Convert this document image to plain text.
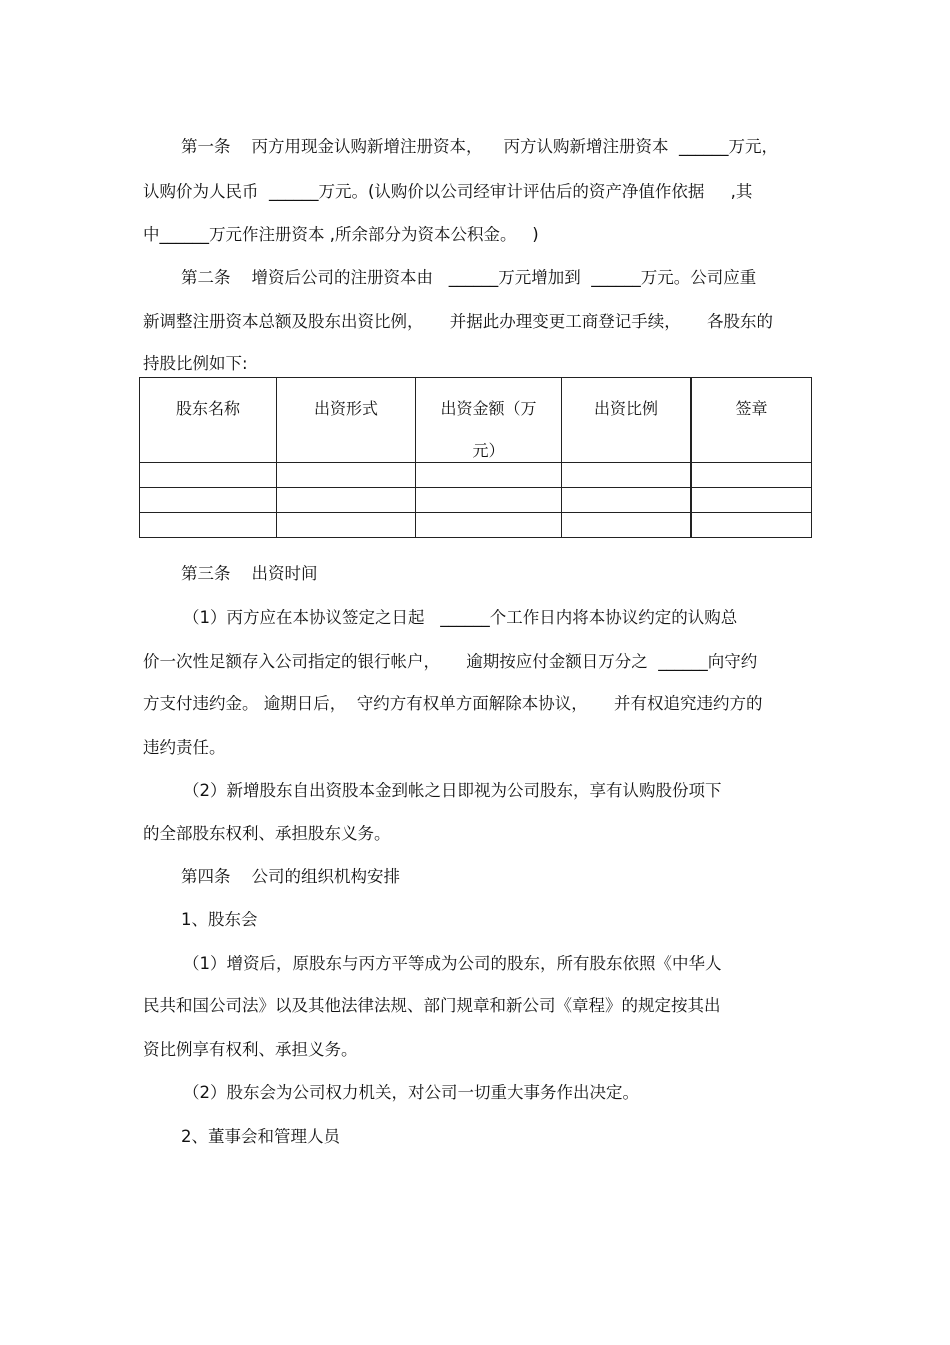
第一条    丙方用现金认购新增注册资本，    丙方认购新增注册资本  ______万元，
认购价为人民币  ______万元。(认购价以公司经审计评估后的资产净值作依据     ,其
中______万元作注册资本 ,所余部分为资本公积金。   )
第二条    增资后公司的注册资本由   ______万元增加到  ______万元。公司应重
新调整注册资本总额及股东出资比例，     并据此办理变更工商登记手续，     各股东的
持股比例如下:
股东名称	出资形式	出资金额（万
元）	出资比例	签章

第三条    出资时间
（1）丙方应在本协议签定之日起   ______个工作日内将本协议约定的认购总
价一次性足额存入公司指定的银行帐户，     逾期按应付金额日万分之  ______向守约
方支付违约金。 逾期日后，  守约方有权单方面解除本协议，     并有权追究违约方的
违约责任。
（2）新增股东自出资股本金到帐之日即视为公司股东，享有认购股份项下
的全部股东权利、承担股东义务。
第四条    公司的组织机构安排
1、股东会
（1）增资后，原股东与丙方平等成为公司的股东，所有股东依照《中华人
民共和国公司法》以及其他法律法规、部门规章和新公司《章程》的规定按其出
资比例享有权利、承担义务。
（2）股东会为公司权力机关，对公司一切重大事务作出决定。
2、董事会和管理人员
